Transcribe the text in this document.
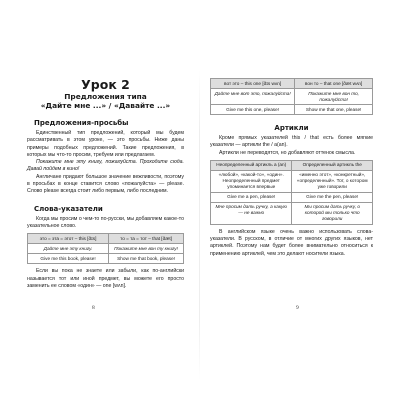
Урок 2
Предложения типа
«Дайте мне ...» / «Давайте ...»
Предложения-просьбы

Единственный тип предложений, который мы будем рассматривать в этом уроке, — это просьбы. Ниже даны примеры подобных предложений. Такие предложения, в которых мы что-то просим, требуем или предлагаем.

Покажите мне эту книгу, пожалуйста. Проходите сюда. Давай пойдем в кино!

Англичане придают большое значение вежливости, поэтому в просьбах в конце ставится слово «пожалуйста» — please. Слово please всегда стоит либо первым, либо последним.

Слова-указатели

Когда мы просим о чем-то по-русски, мы добавляем какое-то указательное слово.

это = эта = этот – this [ðɪs]	то = та = тот – that [ðæt]
Дайте мне эту книгу.	Покажите мне вон ту книгу!
Give me this book, please!	Show me that book, please!

Если вы пока не знаете или забыли, как по-английски называется тот или иной предмет, вы можете его просто заменить ее словом «один» — one [wʌn].

8
вот это – this one [ðɪs wʌn]	вон то – that one [ðæt wʌn]
Дайте мне вот это, пожалуйста!	Покажите мне вон то, пожалуйста!
Give me this one, please!	Show me that one, please!
Артикли

Кроме прямых указателей this / that есть более мягкие указатели — артикли the / a(an).

Артикли не переводятся, но добавляют оттенок смысла.

Неопределенный артикль a (an)	Определенный артикль the
«любой», «какой-то», «один». Неопределенный предмет упоминается впервые	«именно этот», «конкретный», «определенный». Тот, о котором уже говорили
Give me a pen, please!	Give me the pen, please!
Мне просим дать ручку, а какую — не важно	Мы просим дать ручку, о которой мы только что говорили

В английском языке очень важно использовать слова-указатели. В русском, в отличие от многих других языков, нет артиклей. Поэтому нам будет более внимательно относиться к применению артиклей, чем это делают носители языка.

9
